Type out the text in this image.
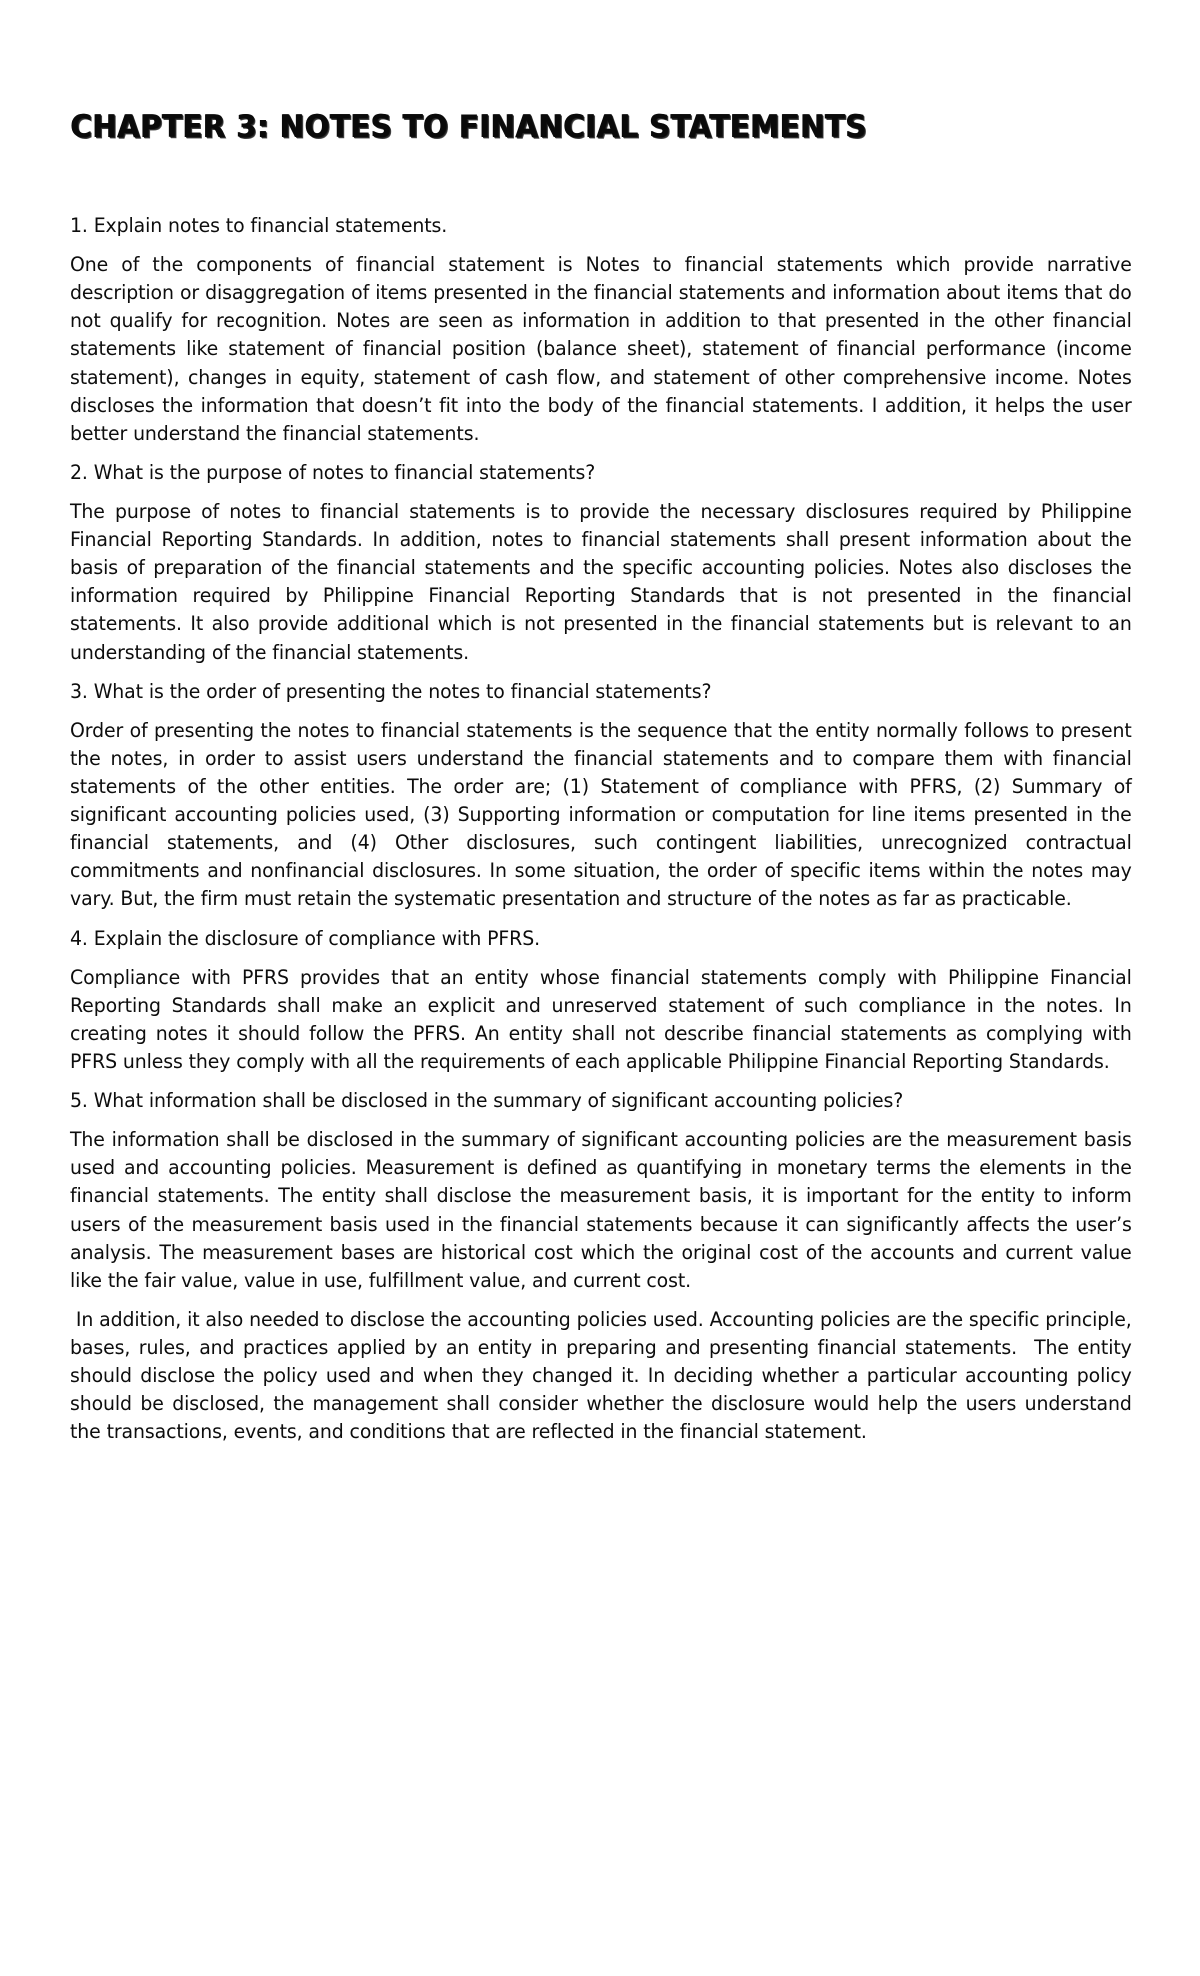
CHAPTER 3: NOTES TO FINANCIAL STATEMENTS

1. Explain notes to financial statements.

One of the components of financial statement is Notes to financial statements which provide narrative description or disaggregation of items presented in the financial statements and information about items that do not qualify for recognition. Notes are seen as information in addition to that presented in the other financial statements like statement of financial position (balance sheet), statement of financial performance (income statement), changes in equity, statement of cash flow, and statement of other comprehensive income. Notes discloses the information that doesn’t fit into the body of the financial statements. I addition, it helps the user better understand the financial statements.

2. What is the purpose of notes to financial statements?

The purpose of notes to financial statements is to provide the necessary disclosures required by Philippine Financial Reporting Standards. In addition, notes to financial statements shall present information about the basis of preparation of the financial statements and the specific accounting policies. Notes also discloses the information required by Philippine Financial Reporting Standards that is not presented in the financial statements. It also provide additional which is not presented in the financial statements but is relevant to an understanding of the financial statements.

3. What is the order of presenting the notes to financial statements?

Order of presenting the notes to financial statements is the sequence that the entity normally follows to present the notes, in order to assist users understand the financial statements and to compare them with financial statements of the other entities. The order are; (1) Statement of compliance with PFRS, (2) Summary of significant accounting policies used, (3) Supporting information or computation for line items presented in the financial statements, and (4) Other disclosures, such contingent liabilities, unrecognized contractual commitments and nonfinancial disclosures. In some situation, the order of specific items within the notes may vary. But, the firm must retain the systematic presentation and structure of the notes as far as practicable.

4. Explain the disclosure of compliance with PFRS.

Compliance with PFRS provides that an entity whose financial statements comply with Philippine Financial Reporting Standards shall make an explicit and unreserved statement of such compliance in the notes. In creating notes it should follow the PFRS. An entity shall not describe financial statements as complying with PFRS unless they comply with all the requirements of each applicable Philippine Financial Reporting Standards.

5. What information shall be disclosed in the summary of significant accounting policies?

The information shall be disclosed in the summary of significant accounting policies are the measurement basis used and accounting policies. Measurement is defined as quantifying in monetary terms the elements in the financial statements. The entity shall disclose the measurement basis, it is important for the entity to inform users of the measurement basis used in the financial statements because it can significantly affects the user’s analysis. The measurement bases are historical cost which the original cost of the accounts and current value like the fair value, value in use, fulfillment value, and current cost.

In addition, it also needed to disclose the accounting policies used. Accounting policies are the specific principle, bases, rules, and practices applied by an entity in preparing and presenting financial statements.  The entity should disclose the policy used and when they changed it. In deciding whether a particular accounting policy should be disclosed, the management shall consider whether the disclosure would help the users understand the transactions, events, and conditions that are reflected in the financial statement.
